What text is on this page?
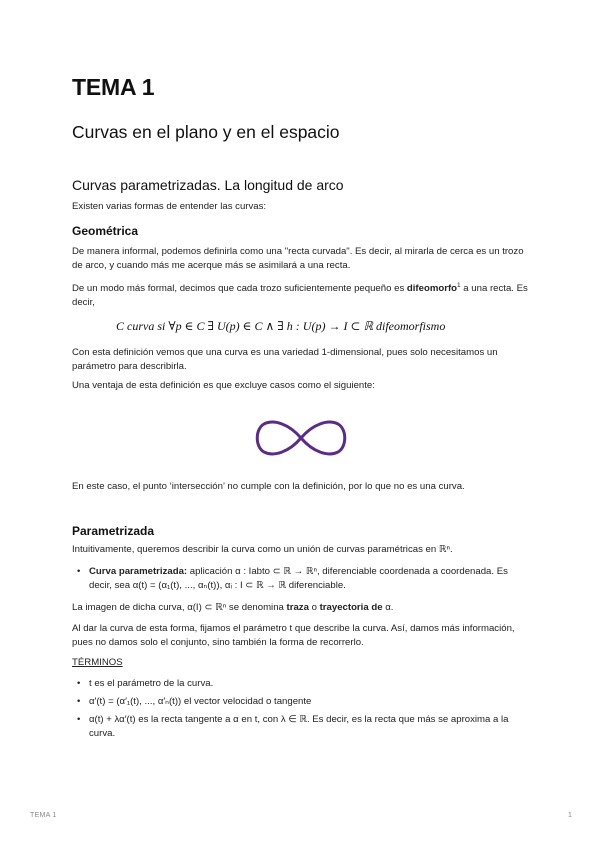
TEMA 1
Curvas en el plano y en el espacio
Curvas parametrizadas. La longitud de arco

Existen varias formas de entender las curvas:

Geométrica

De manera informal, podemos definirla como una "recta curvada". Es decir, al mirarla de cerca es un trozo de arco, y cuando más me acerque más se asimilará a una recta.

De un modo más formal, decimos que cada trozo suficientemente pequeño es difeomorfo$^1$ a una recta. Es decir,

C curva si ∀p ∈ C ∃ U(p) ∈ C ∧ ∃ h : U(p) → I ⊂ ℝ difeomorfismo

Con esta definición vemos que una curva es una variedad 1-dimensional, pues solo necesitamos un parámetro para describirla.

Una ventaja de esta definición es que excluye casos como el siguiente:

En este caso, el punto ‘intersección’ no cumple con la definición, por lo que no es una curva.

Parametrizada

Intuitivamente, queremos describir la curva como un unión de curvas paramétricas en ℝⁿ.

• Curva parametrizada: aplicación α : Iabto ⊂ ℝ → ℝⁿ, diferenciable coordenada a coordenada. Es decir, sea α(t) = (α₁(t), ..., αₙ(t)), αᵢ : I ⊂ ℝ → ℝ diferenciable.

La imagen de dicha curva, α(I) ⊂ ℝⁿ se denomina traza o trayectoria de α.

Al dar la curva de esta forma, fijamos el parámetro t que describe la curva. Así, damos más información, pues no damos solo el conjunto, sino también la forma de recorrerlo.

TÉRMINOS

• t es el parámetro de la curva.
• α′(t) = (α′₁(t), ..., α′ₙ(t)) el vector velocidad o tangente
• α(t) + λα′(t) es la recta tangente a α en t, con λ ∈ ℝ. Es decir, es la recta que más se aproxima a la curva.
TEMA 1	1
